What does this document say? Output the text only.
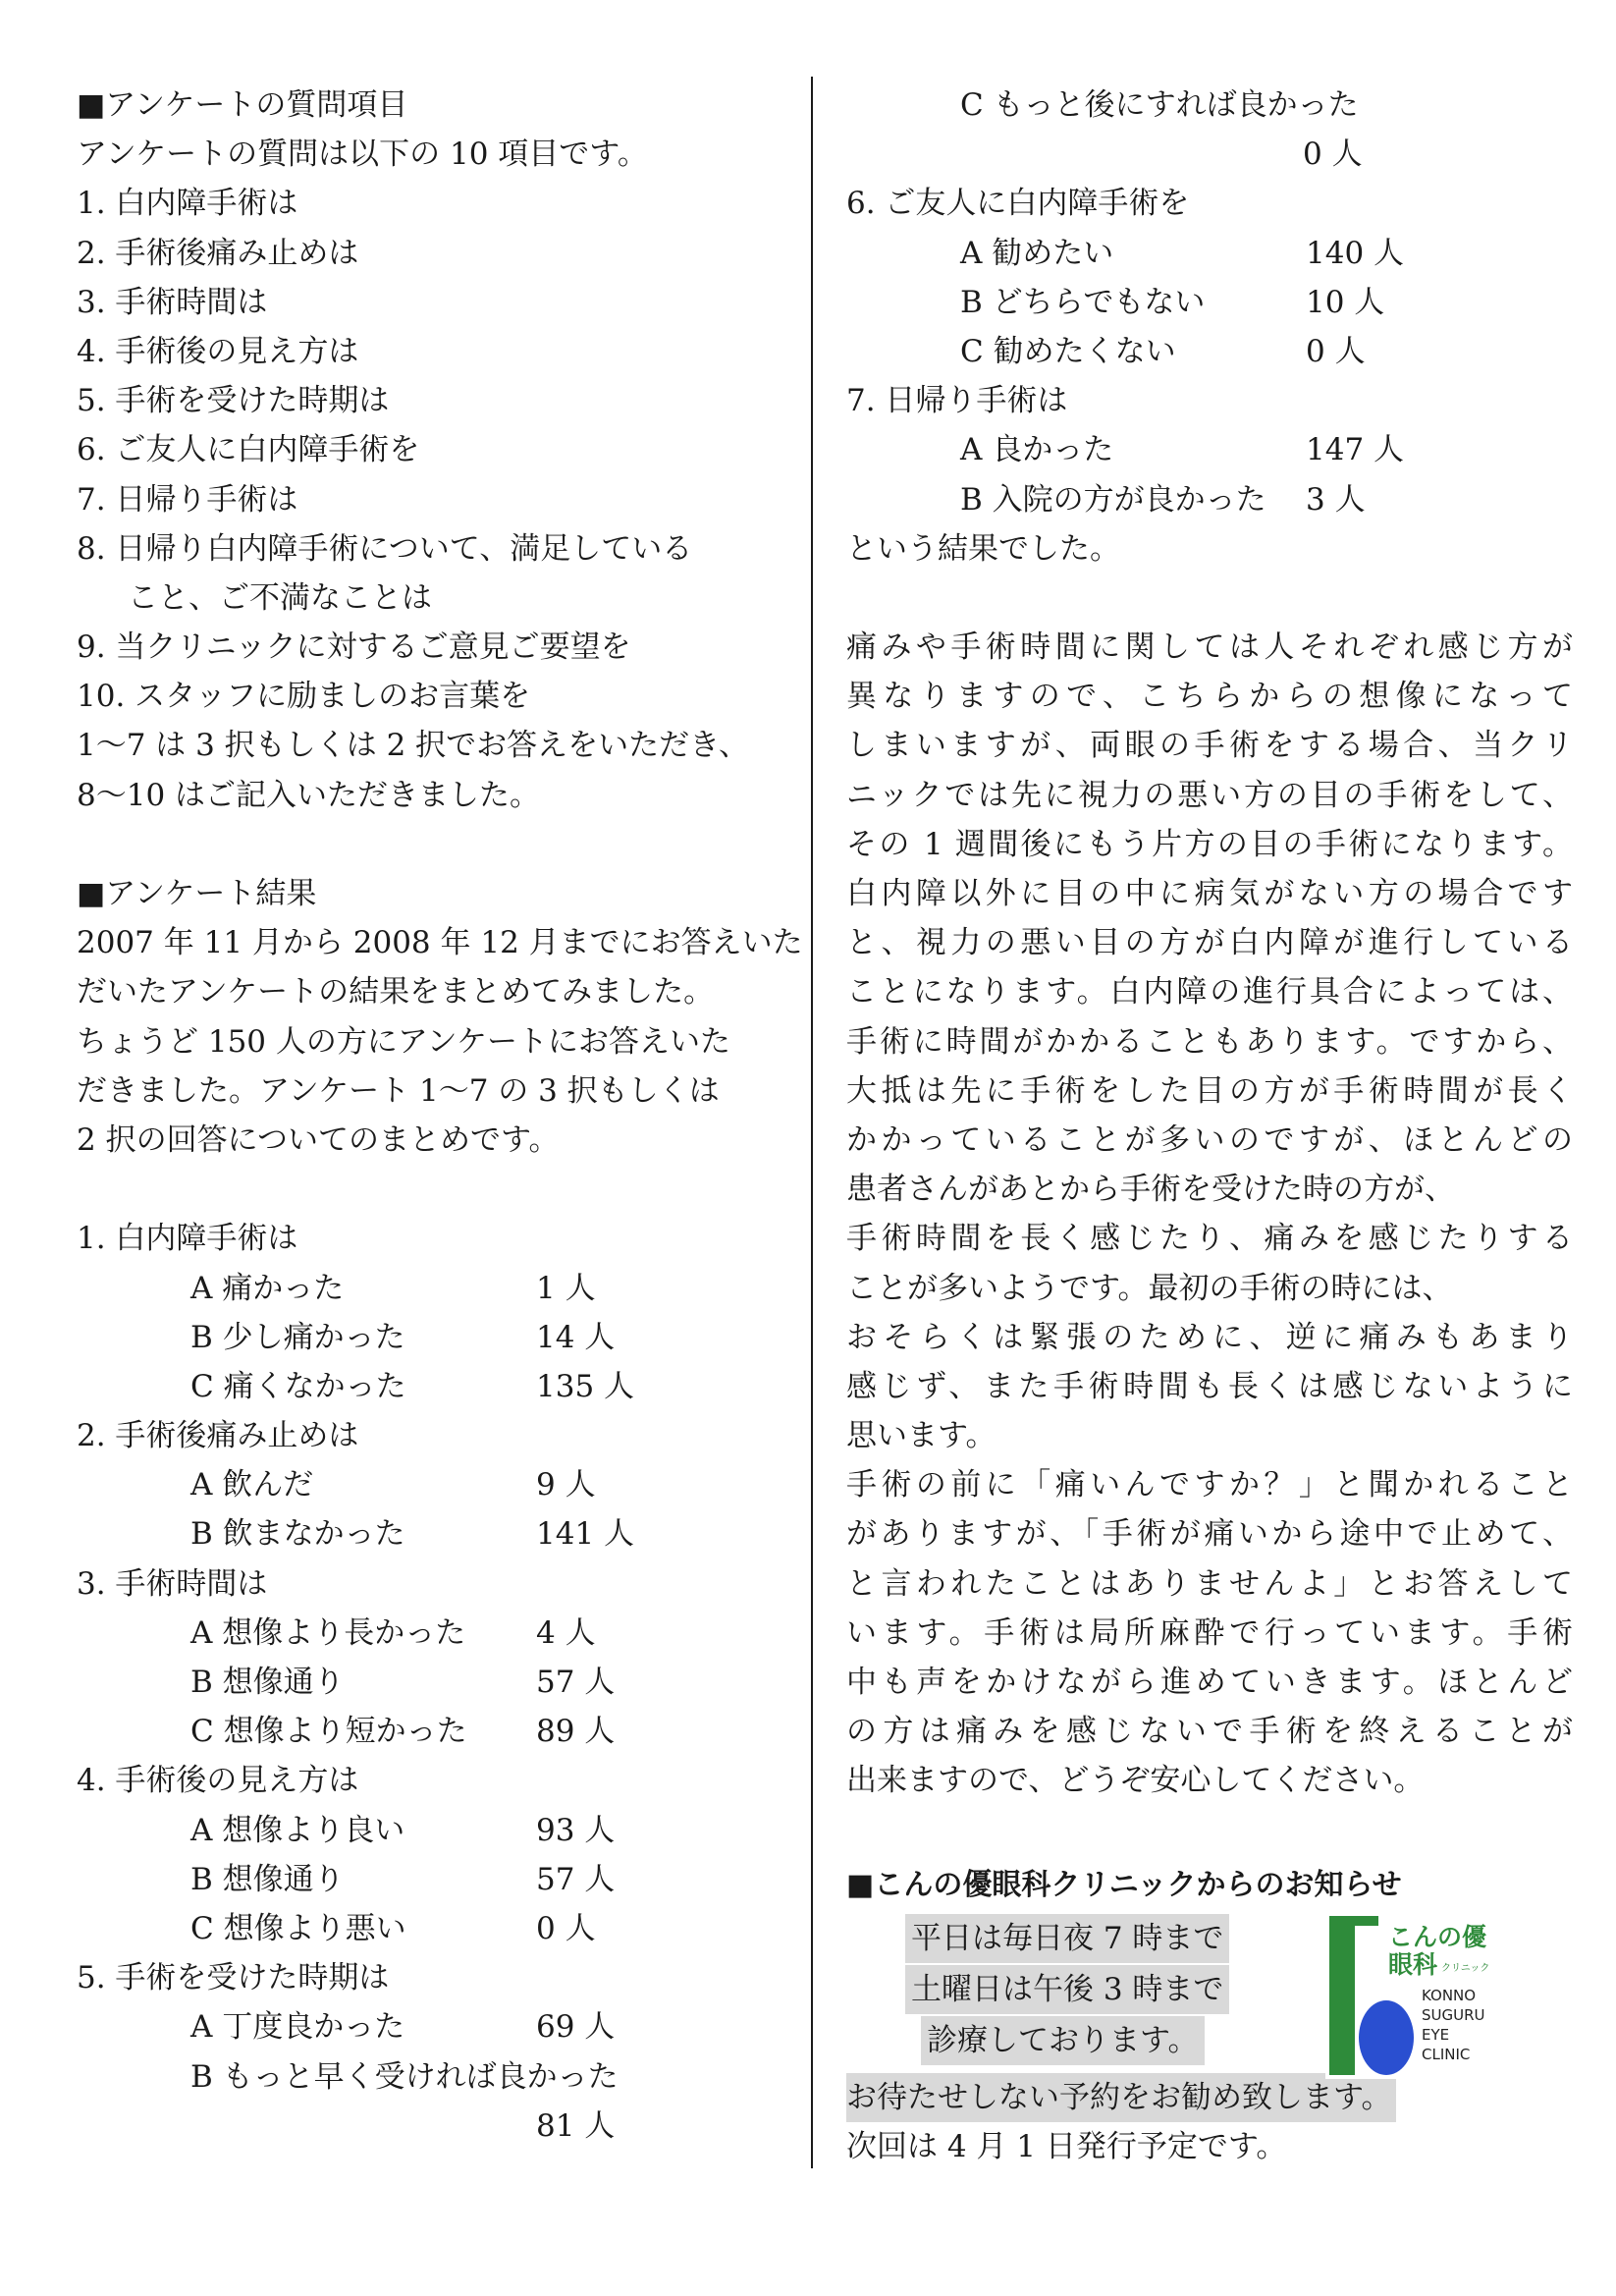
■アンケートの質問項目
アンケートの質問は以下の 10 項目です。
1. 白内障手術は
2. 手術後痛み止めは
3. 手術時間は
4. 手術後の見え方は
5. 手術を受けた時期は
6. ご友人に白内障手術を
7. 日帰り手術は
8. 日帰り白内障手術について、満足している
こと、ご不満なことは
9. 当クリニックに対するご意見ご要望を
10. スタッフに励ましのお言葉を
1～7 は 3 択もしくは 2 択でお答えをいただき、
8～10 はご記入いただきました。
■アンケート結果
2007 年 11 月から 2008 年 12 月までにお答えいた
だいたアンケートの結果をまとめてみました。
ちょうど 150 人の方にアンケートにお答えいた
だきました。アンケート 1～7 の 3 択もしくは
2 択の回答についてのまとめです。
1. 白内障手術は
A 痛かった	1 人
B 少し痛かった	14 人
C 痛くなかった	135 人
2. 手術後痛み止めは
A 飲んだ	9 人
B 飲まなかった	141 人
3. 手術時間は
A 想像より長かった	4 人
B 想像通り	57 人
C 想像より短かった	89 人
4. 手術後の見え方は
A 想像より良い	93 人
B 想像通り	57 人
C 想像より悪い	0 人
5. 手術を受けた時期は
A 丁度良かった	69 人
B もっと早く受ければ良かった
81 人
C もっと後にすれば良かった
0 人
6. ご友人に白内障手術を
A 勧めたい	140 人
B どちらでもない	10 人
C 勧めたくない	0 人
7. 日帰り手術は
A 良かった	147 人
B 入院の方が良かった	3 人
という結果でした。
痛みや手術時間に関しては人それぞれ感じ方が
異なりますので、こちらからの想像になって
しまいますが、両眼の手術をする場合、当クリ
ニックでは先に視力の悪い方の目の手術をして、
その 1 週間後にもう片方の目の手術になります。
白内障以外に目の中に病気がない方の場合です
と、視力の悪い目の方が白内障が進行している
ことになります。白内障の進行具合によっては、
手術に時間がかかることもあります。ですから、
大抵は先に手術をした目の方が手術時間が長く
かかっていることが多いのですが、ほとんどの
患者さんがあとから手術を受けた時の方が、
手術時間を長く感じたり、痛みを感じたりする
ことが多いようです。最初の手術の時には、
おそらくは緊張のために、逆に痛みもあまり
感じず、また手術時間も長くは感じないように
思います。
手術の前に「痛いんですか？」と聞かれること
がありますが、「手術が痛いから途中で止めて、
と言われたことはありませんよ」とお答えして
います。手術は局所麻酔で行っています。手術
中も声をかけながら進めていきます。ほとんど
の方は痛みを感じないで手術を終えることが
出来ますので、どうぞ安心してください。
■こんの優眼科クリニックからのお知らせ
平日は毎日夜 7 時まで
土曜日は午後 3 時まで
診療しております。
こんの優
眼科 クリニック
KONNO
SUGURU
EYE
CLINIC
お待たせしない予約をお勧め致します。
次回は 4 月 1 日発行予定です。
